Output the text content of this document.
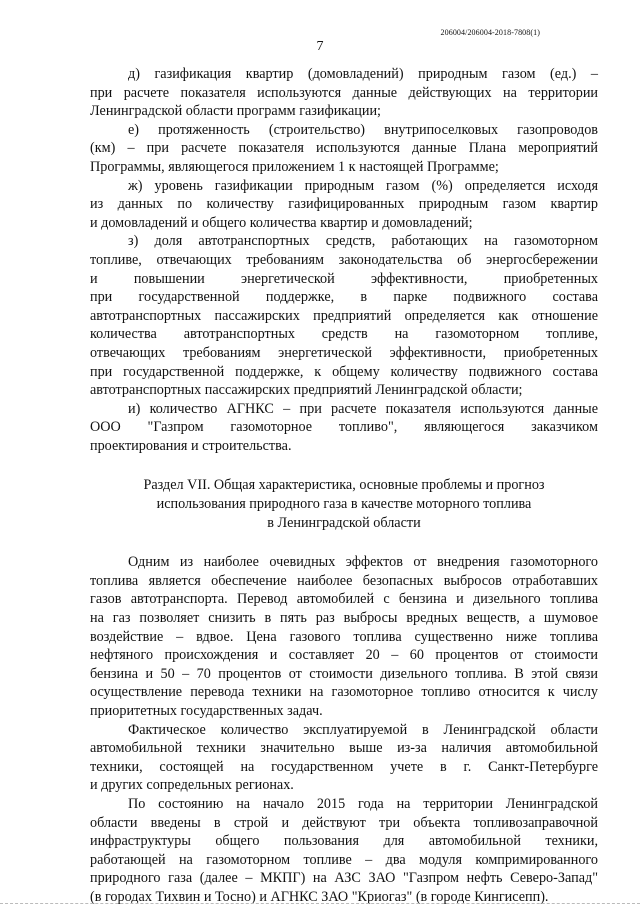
206004/206004-2018-7808(1)
7
д) газификация квартир (домовладений) природным газом (ед.) –
при расчете показателя используются данные действующих на территории
Ленинградской области программ газификации;
е) протяженность (строительство) внутрипоселковых газопроводов
(км) – при расчете показателя используются данные Плана мероприятий
Программы, являющегося приложением 1 к настоящей Программе;
ж) уровень газификации природным газом (%) определяется исходя
из данных по количеству газифицированных природным газом квартир
и домовладений и общего количества квартир и домовладений;
з) доля автотранспортных средств, работающих на газомоторном
топливе, отвечающих требованиям законодательства об энергосбережении
и повышении энергетической эффективности, приобретенных
при государственной поддержке, в парке подвижного состава
автотранспортных пассажирских предприятий определяется как отношение
количества автотранспортных средств на газомоторном топливе,
отвечающих требованиям энергетической эффективности, приобретенных
при государственной поддержке, к общему количеству подвижного состава
автотранспортных пассажирских предприятий Ленинградской области;
и) количество АГНКС – при расчете показателя используются данные
ООО "Газпром газомоторное топливо", являющегося заказчиком
проектирования и строительства.
Раздел VII. Общая характеристика, основные проблемы и прогноз
использования природного газа в качестве моторного топлива
в Ленинградской области
Одним из наиболее очевидных эффектов от внедрения газомоторного
топлива является обеспечение наиболее безопасных выбросов отработавших
газов автотранспорта. Перевод автомобилей с бензина и дизельного топлива
на газ позволяет снизить в пять раз выбросы вредных веществ, а шумовое
воздействие – вдвое. Цена газового топлива существенно ниже топлива
нефтяного происхождения и составляет 20 – 60 процентов от стоимости
бензина и 50 – 70 процентов от стоимости дизельного топлива. В этой связи
осуществление перевода техники на газомоторное топливо относится к числу
приоритетных государственных задач.
Фактическое количество эксплуатируемой в Ленинградской области
автомобильной техники значительно выше из-за наличия автомобильной
техники, состоящей на государственном учете в г. Санкт-Петербурге
и других сопредельных регионах.
По состоянию на начало 2015 года на территории Ленинградской
области введены в строй и действуют три объекта топливозаправочной
инфраструктуры общего пользования для автомобильной техники,
работающей на газомоторном топливе – два модуля компримированного
природного газа (далее – МКПГ) на АЗС ЗАО "Газпром нефть Северо-Запад"
(в городах Тихвин и Тосно) и АГНКС ЗАО "Криогаз" (в городе Кингисепп).
